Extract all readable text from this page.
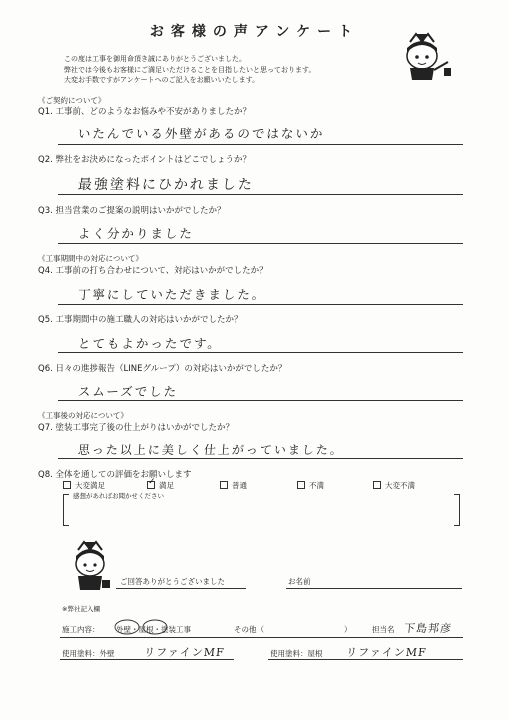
お客様の声アンケート
この度は工事を御用命頂き誠にありがとうございました。
弊社では今後もお客様にご満足いただけることを目指したいと思っております。
大変お手数ですがアンケートへのご記入をお願いいたします。
《ご契約について》
Q1. 工事前、どのようなお悩みや不安がありましたか？
いたんでいる外壁があるのではないか
Q2. 弊社をお決めになったポイントはどこでしょうか？
最強塗料にひかれました
Q3. 担当営業のご提案の説明はいかがでしたか？
よく分かりました
《工事期間中の対応について》
Q4. 工事前の打ち合わせについて、対応はいかがでしたか？
丁寧にしていただきました。
Q5. 工事期間中の施工職人の対応はいかがでしたか？
とてもよかったです。
Q6. 日々の進捗報告（LINEグループ）の対応はいかがでしたか？
スムーズでした
《工事後の対応について》
Q7. 塗装工事完了後の仕上がりはいかがでしたか？
思った以上に美しく仕上がっていました。
Q8. 全体を通しての評価をお願いします
大変満足
✓	満足	普通	不満	大変不満
感想があればお聞かせください
ご回答ありがとうございました	お名前
※弊社記入欄
施工内容： 外壁・屋根・塗装工事	その他（	）	担当名 下島邦彦
使用塗料：外壁	リファインMF	使用塗料：屋根 リファインMF
